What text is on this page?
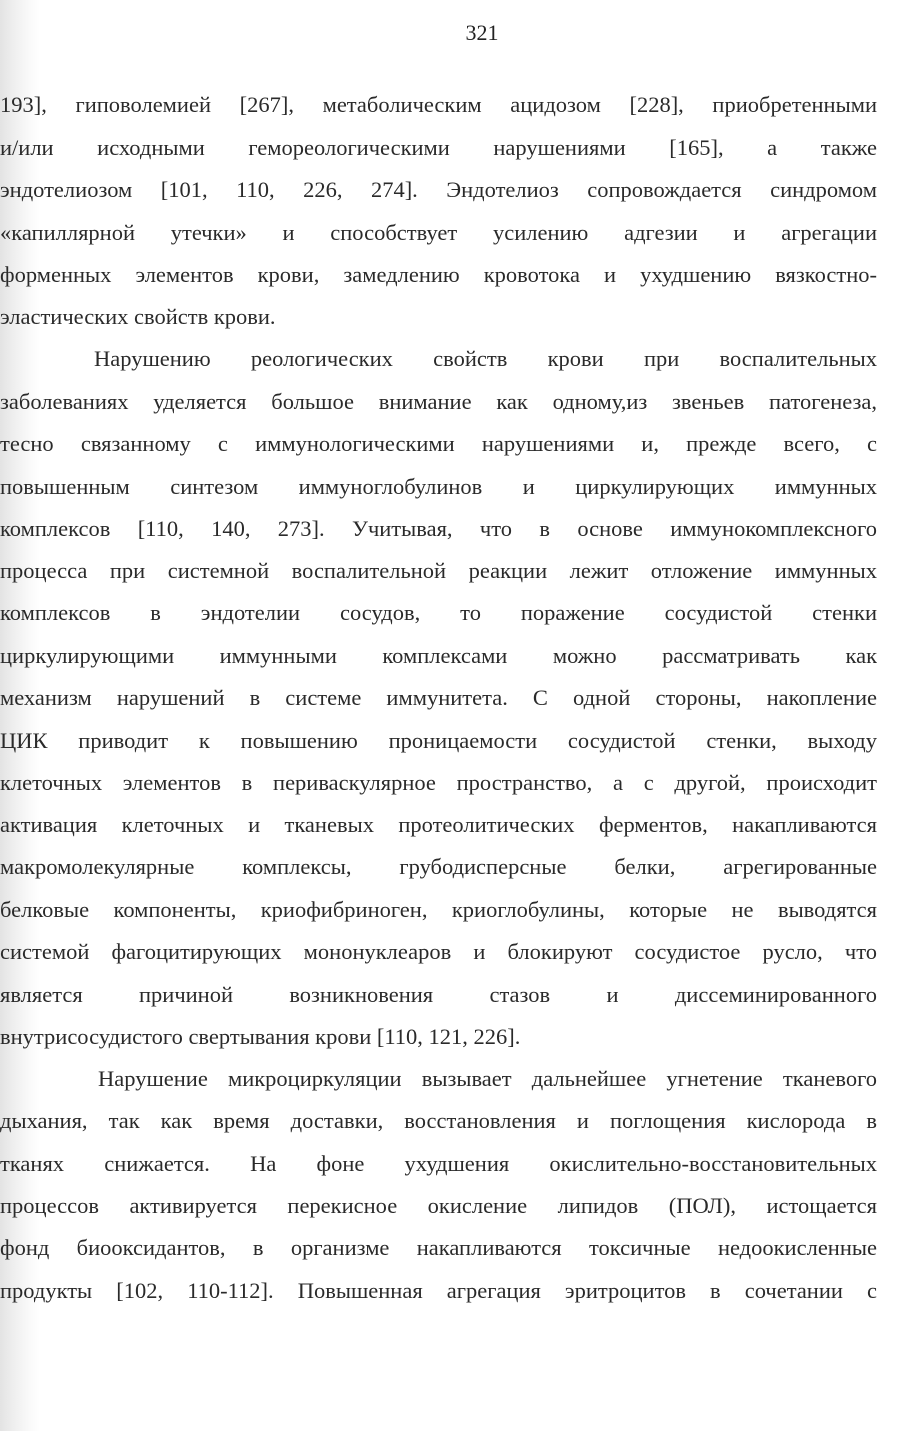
321
193], гиповолемией [267], метаболическим ацидозом [228], приобретенными
и/или исходными гемореологическими нарушениями [165], а также
эндотелиозом [101, 110, 226, 274]. Эндотелиоз сопровождается синдромом
«капиллярной утечки» и способствует усилению адгезии и агрегации
форменных элементов крови, замедлению кровотока и ухудшению вязкостно-
эластических свойств крови.
Нарушению реологических свойств крови при воспалительных
заболеваниях уделяется большое внимание как одному,из звеньев патогенеза,
тесно связанному с иммунологическими нарушениями и, прежде всего, с
повышенным синтезом иммуноглобулинов и циркулирующих иммунных
комплексов [110, 140, 273]. Учитывая, что в основе иммунокомплексного
процесса при системной воспалительной реакции лежит отложение иммунных
комплексов в эндотелии сосудов, то поражение сосудистой стенки
циркулирующими иммунными комплексами можно рассматривать как
механизм нарушений в системе иммунитета. С одной стороны, накопление
ЦИК приводит к повышению проницаемости сосудистой стенки, выходу
клеточных элементов в периваскулярное пространство, а с другой, происходит
активация клеточных и тканевых протеолитических ферментов, накапливаются
макромолекулярные комплексы, грубодисперсные белки, агрегированные
белковые компоненты, криофибриноген, криоглобулины, которые не выводятся
системой фагоцитирующих мононуклеаров и блокируют сосудистое русло, что
является причиной возникновения стазов и диссеминированного
внутрисосудистого свертывания крови [110, 121, 226].
Нарушение микроциркуляции вызывает дальнейшее угнетение тканевого
дыхания, так как время доставки, восстановления и поглощения кислорода в
тканях снижается. На фоне ухудшения окислительно-восстановительных
процессов активируется перекисное окисление липидов (ПОЛ), истощается
фонд биооксидантов, в организме накапливаются токсичные недоокисленные
продукты [102, 110-112]. Повышенная агрегация эритроцитов в сочетании с
